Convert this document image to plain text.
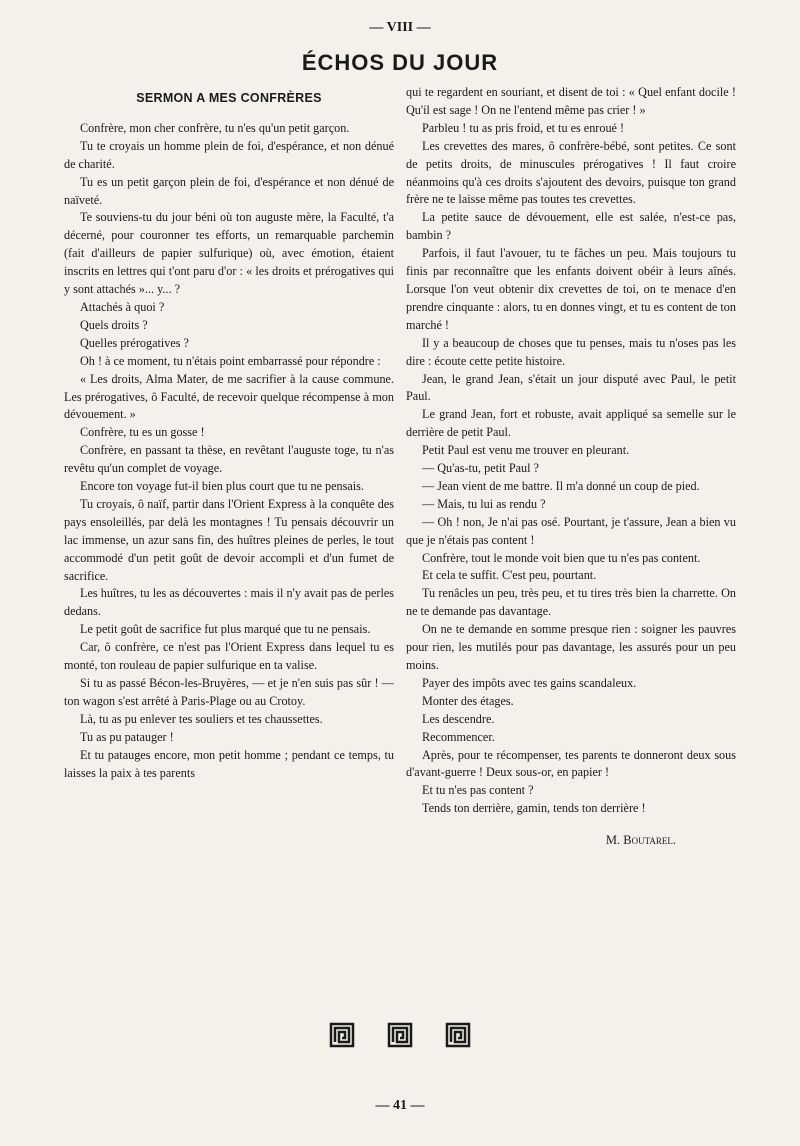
— VIII —
ÉCHOS DU JOUR
SERMON A MES CONFRÈRES

Confrère, mon cher confrère, tu n'es qu'un petit garçon.

Tu te croyais un homme plein de foi, d'espérance, et non dénué de charité.

Tu es un petit garçon plein de foi, d'espérance et non dénué de naïveté.

Te souviens-tu du jour béni où ton auguste mère, la Faculté, t'a décerné, pour couronner tes efforts, un remarquable parchemin (fait d'ailleurs de papier sulfurique) où, avec émotion, étaient inscrits en lettres qui t'ont paru d'or : « les droits et prérogatives qui y sont attachés »... y... ?

Attachés à quoi ?

Quels droits ?

Quelles prérogatives ?

Oh ! à ce moment, tu n'étais point embarrassé pour répondre :

« Les droits, Alma Mater, de me sacrifier à la cause commune. Les prérogatives, ô Faculté, de recevoir quelque récompense à mon dévouement. »

Confrère, tu es un gosse !

Confrère, en passant ta thèse, en revêtant l'auguste toge, tu n'as revêtu qu'un complet de voyage.

Encore ton voyage fut-il bien plus court que tu ne pensais.

Tu croyais, ô naïf, partir dans l'Orient Express à la conquête des pays ensoleillés, par delà les montagnes ! Tu pensais découvrir un lac immense, un azur sans fin, des huîtres pleines de perles, le tout accommodé d'un petit goût de devoir accompli et d'un fumet de sacrifice.

Les huîtres, tu les as découvertes : mais il n'y avait pas de perles dedans.

Le petit goût de sacrifice fut plus marqué que tu ne pensais.

Car, ô confrère, ce n'est pas l'Orient Express dans lequel tu es monté, ton rouleau de papier sulfurique en ta valise.

Si tu as passé Bécon-les-Bruyères, — et je n'en suis pas sûr ! — ton wagon s'est arrêté à Paris-Plage ou au Crotoy.

Là, tu as pu enlever tes souliers et tes chaussettes.

Tu as pu patauger !

Et tu patauges encore, mon petit homme ; pendant ce temps, tu laisses la paix à tes parents

qui te regardent en souriant, et disent de toi : « Quel enfant docile ! Qu'il est sage ! On ne l'entend même pas crier ! »

Parbleu ! tu as pris froid, et tu es enroué !

Les crevettes des mares, ô confrère-bébé, sont petites. Ce sont de petits droits, de minuscules prérogatives ! Il faut croire néanmoins qu'à ces droits s'ajoutent des devoirs, puisque ton grand frère ne te laisse même pas toutes tes crevettes.

La petite sauce de dévouement, elle est salée, n'est-ce pas, bambin ?

Parfois, il faut l'avouer, tu te fâches un peu. Mais toujours tu finis par reconnaître que les enfants doivent obéir à leurs aînés. Lorsque l'on veut obtenir dix crevettes de toi, on te menace d'en prendre cinquante : alors, tu en donnes vingt, et tu es content de ton marché !

Il y a beaucoup de choses que tu penses, mais tu n'oses pas les dire : écoute cette petite histoire.

Jean, le grand Jean, s'était un jour disputé avec Paul, le petit Paul.

Le grand Jean, fort et robuste, avait appliqué sa semelle sur le derrière de petit Paul.

Petit Paul est venu me trouver en pleurant.

— Qu'as-tu, petit Paul ?

— Jean vient de me battre. Il m'a donné un coup de pied.

— Mais, tu lui as rendu ?

— Oh ! non, Je n'ai pas osé. Pourtant, je t'assure, Jean a bien vu que je n'étais pas content !

Confrère, tout le monde voit bien que tu n'es pas content.

Et cela te suffit. C'est peu, pourtant.

Tu renâcles un peu, très peu, et tu tires très bien la charrette. On ne te demande pas davantage.

On ne te demande en somme presque rien : soigner les pauvres pour rien, les mutilés pour pas davantage, les assurés pour un peu moins.

Payer des impôts avec tes gains scandaleux.

Monter des étages.

Les descendre.

Recommencer.

Après, pour te récompenser, tes parents te donneront deux sous d'avant-guerre ! Deux sous-or, en papier !

Et tu n'es pas content ?

Tends ton derrière, gamin, tends ton derrière !

M. Boutarel.
— 41 —
